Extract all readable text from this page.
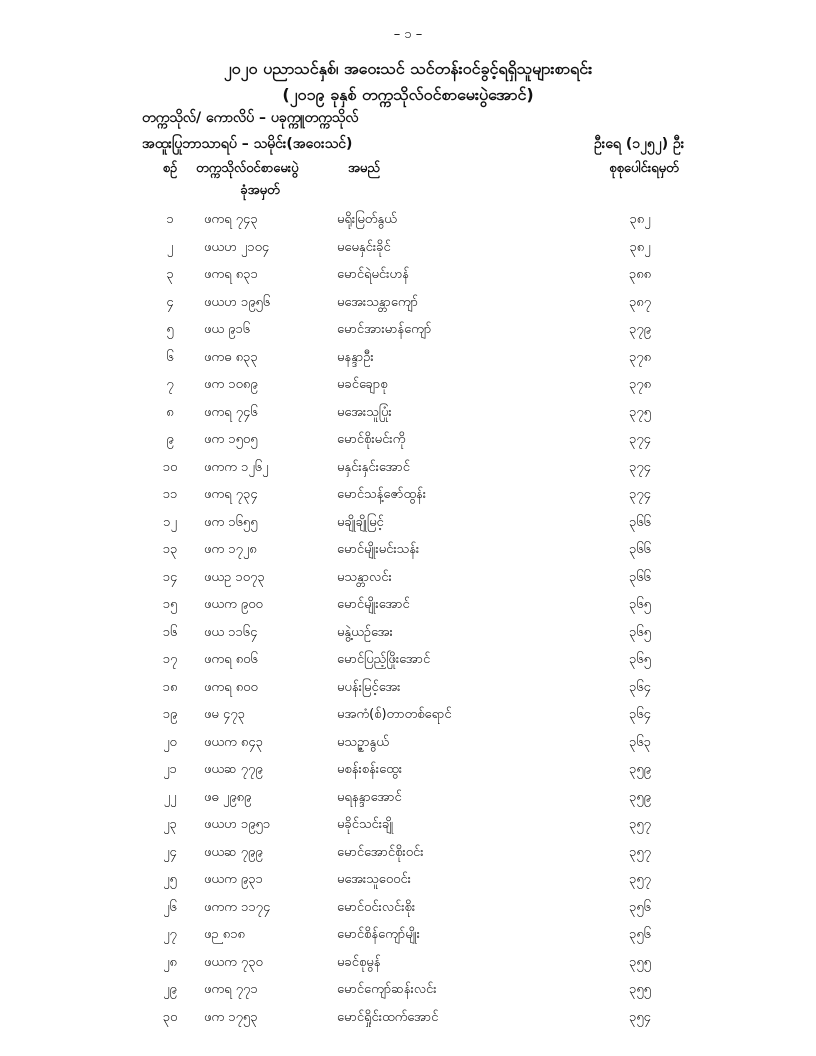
– ၁ –
၂၀၂၀ ပညာသင်နှစ်၊ အဝေးသင် သင်တန်းဝင်ခွင့်ရရှိသူများစာရင်း
(၂၀၁၉ ခုနှစ် တက္ကသိုလ်ဝင်စာမေးပွဲအောင်)
တက္ကသိုလ်/ ကောလိပ် – ပခုက္ကူတက္ကသိုလ်
အထူးပြုဘာသာရပ် – သမိုင်း(အဝေးသင်)	ဦးရေ (၁၂၅၂) ဦး
စဉ်	တက္ကသိုလ်ဝင်စာမေးပွဲ
ခုံအမှတ်
အမည်	စုစုပေါင်းရမှတ်
၁	ဖကရ ၇၄၃	မရိုးမြတ်နွယ်	၃၈၂
၂	ဖယဟ ၂၁၀၄	မမေနှင်းခိုင်	၃၈၂
၃	ဖကရ ၈၃၁	မောင်ရဲမင်းဟန်	၃၈၈
၄	ဖယဟ ၁၉၅၆	မအေးသန္တာကျော်	၃၈၇
၅	ဖယ ၉၁၆	မောင်အားမာန်ကျော်	၃၇၉
၆	ဖကဓ ၈၃၃	မနန္ဒာဦး	၃၇၈
၇	ဖက ၁၀၈၉	မခင်ချောစု	၃၇၈
၈	ဖကရ ၇၄၆	မအေးသူပြုံး	၃၇၅
၉	ဖက ၁၅၀၅	မောင်စိုးမင်းကို	၃၇၄
၁၀	ဖကက ၁၂၆၂	မနှင်းနှင်းအောင်	၃၇၄
၁၁	ဖကရ ၇၃၄	မောင်သန့်ဇော်ထွန်း	၃၇၄
၁၂	ဖက ၁၆၅၅	မချိုချိုမြင့်	၃၆၆
၁၃	ဖက ၁၇၂၈	မောင်မျိုးမင်းသန်း	၃၆၆
၁၄	ဖယဥ ၁၀၇၃	မသန္တာလင်း	၃၆၆
၁၅	ဖယက ၉၀၀	မောင်မျိုးအောင်	၃၆၅
၁၆	ဖယ ၁၁၆၄	မနွဲ့ယဉ်အေး	၃၆၅
၁၇	ဖကရ ၈၀၆	မောင်ပြည့်ဖြိုးအောင်	၃၆၅
၁၈	ဖကရ ၈၀၀	မပန်းမြင့်အေး	၃၆၄
၁၉	ဖမ ၄၇၃	မအကံ(စ်)တာတစ်ရောင်	၃၆၄
၂၀	ဖယက ၈၄၃	မသဥ္ဇာနွယ်	၃၆၃
၂၁	ဖယဆ ၇၇၉	မစန်းစန်းထွေး	၃၅၉
၂၂	ဖဓ ၂၉၈၉	မရနန္ဒာအောင်	၃၅၉
၂၃	ဖယဟ ၁၉၅၁	မခိုင်သင်းချို	၃၅၇
၂၄	ဖယဆ ၇၉၉	မောင်အောင်စိုးဝင်း	၃၅၇
၂၅	ဖယက ၉၃၁	မအေးသူဝေဝင်း	၃၅၇
၂၆	ဖကက ၁၁၇၄	မောင်ဝင်းလင်းစိုး	၃၅၆
၂၇	ဖဉ ၈၁၈	မောင်စိန်ကျော်မျိုး	၃၅၆
၂၈	ဖယက ၇၃၀	မခင်စုမွန်	၃၅၅
၂၉	ဖကရ ၇၇၁	မောင်ကျော်ဆန်းလင်း	၃၅၅
၃၀	ဖက ၁၇၅၃	မောင်ရှိုင်းထက်အောင်	၃၅၄
